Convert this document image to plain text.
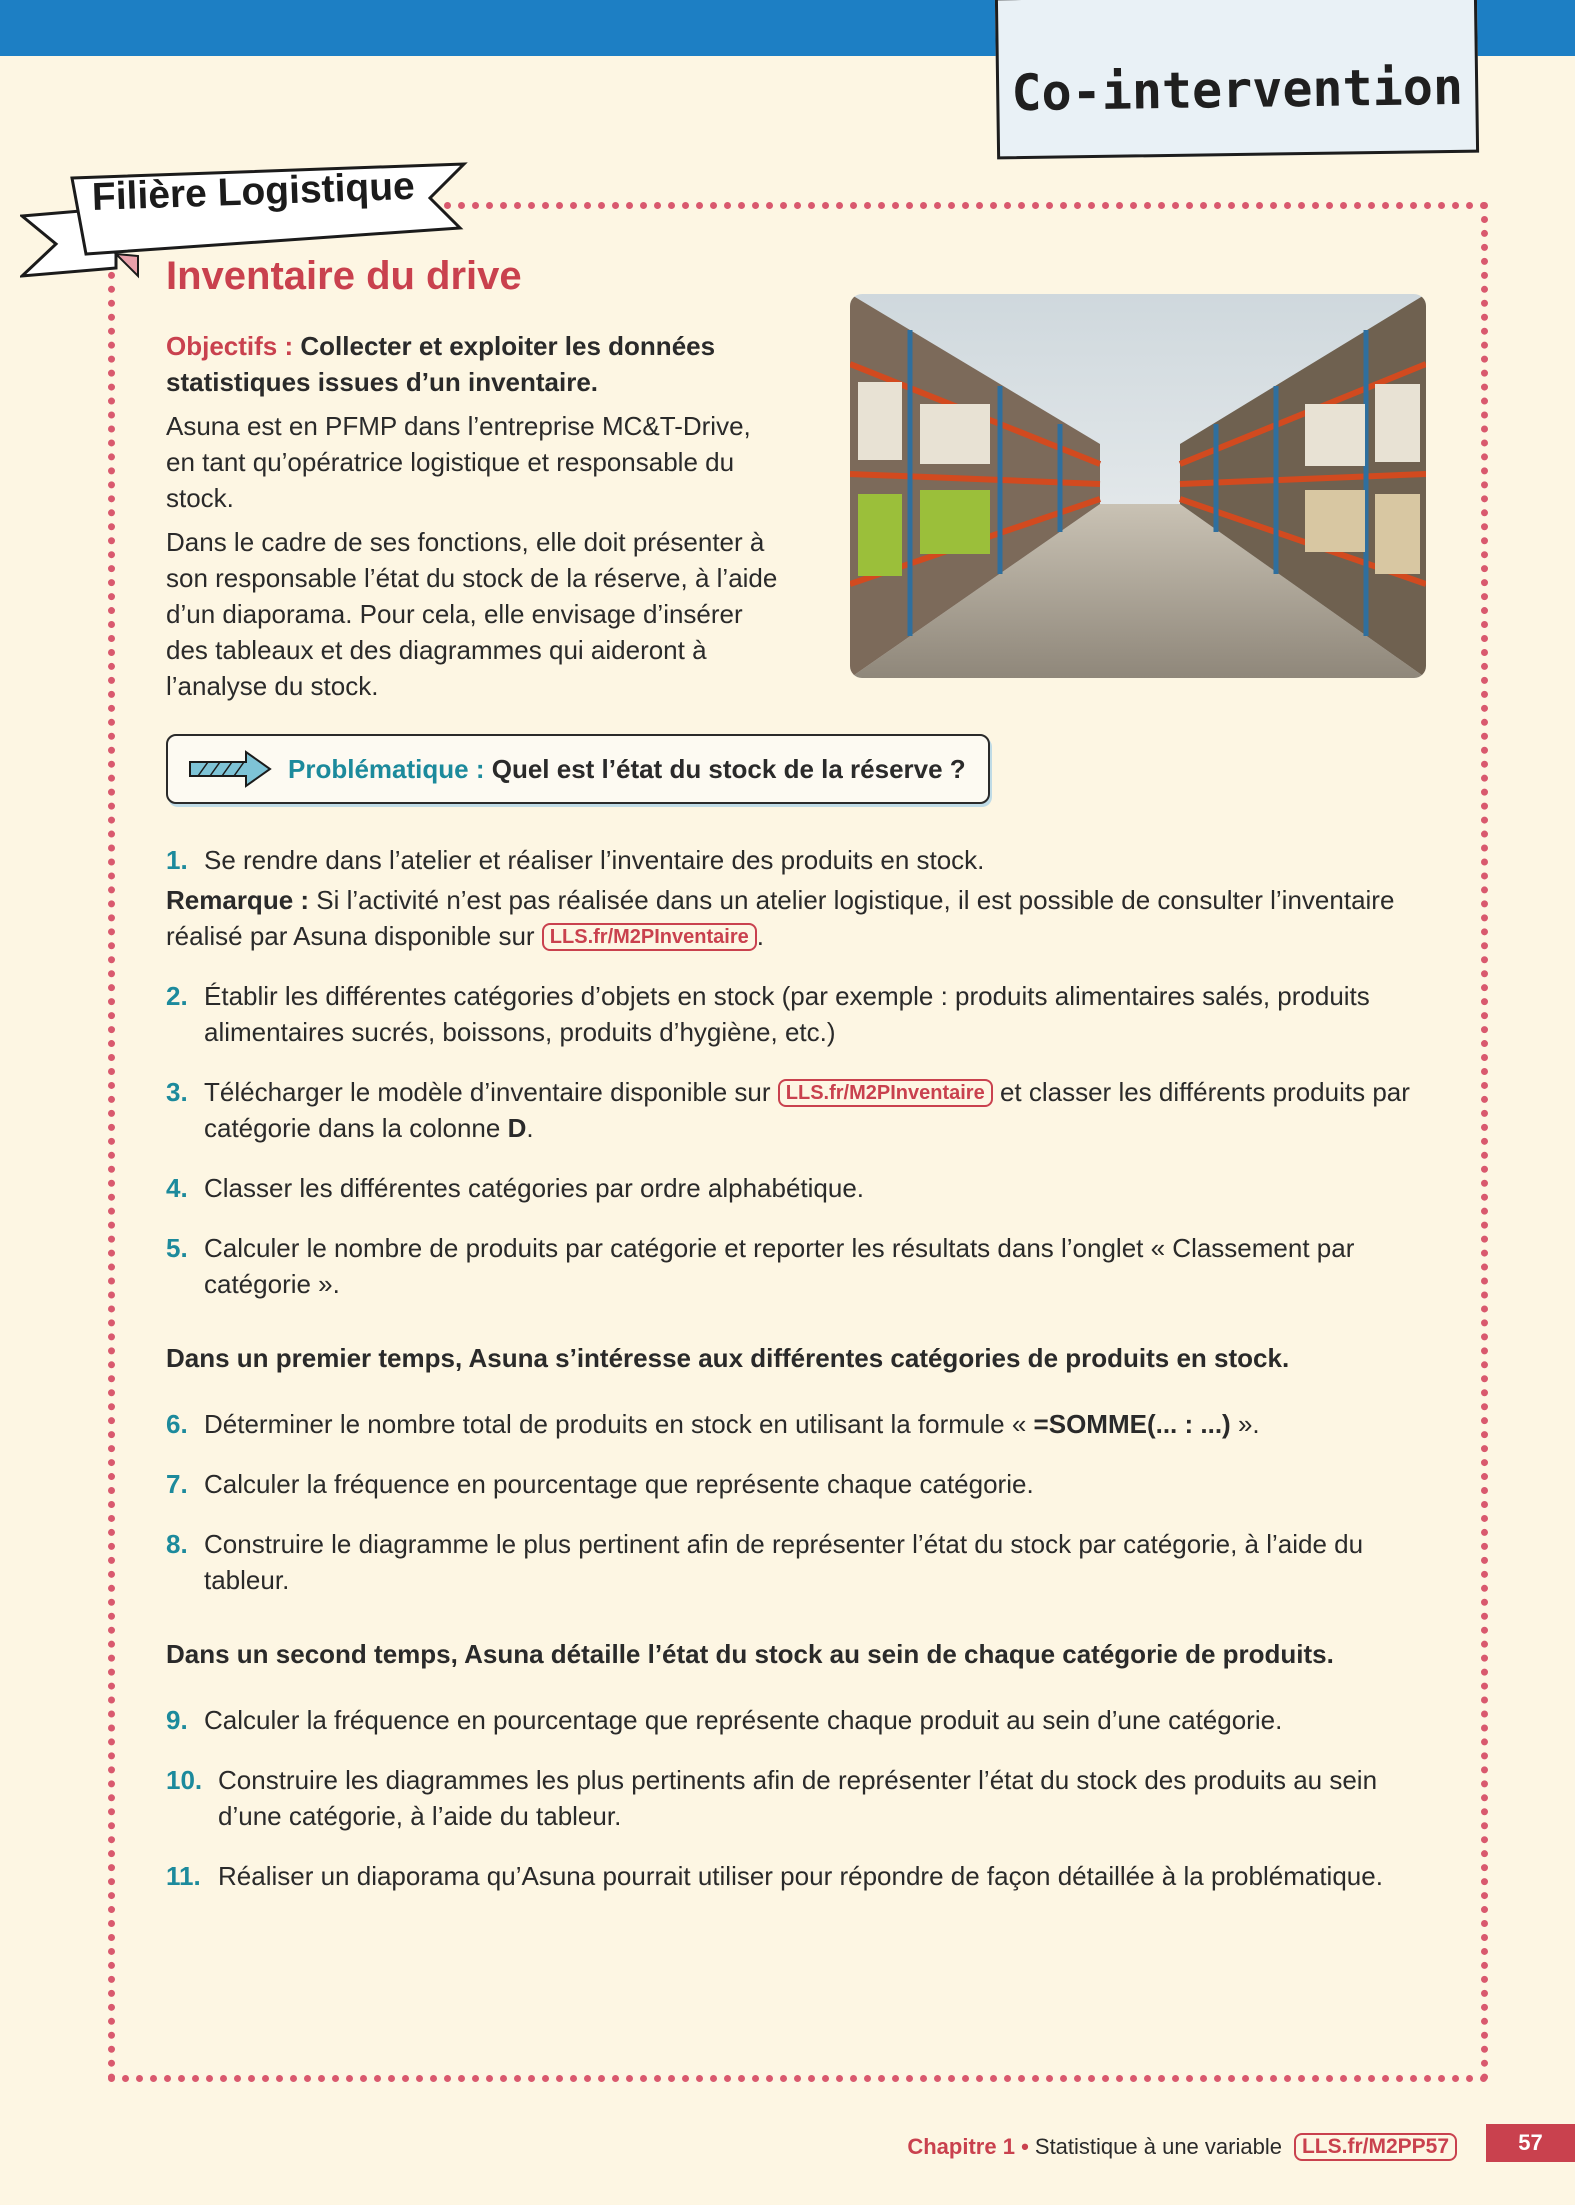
Co-intervention
Filière Logistique
Inventaire du drive

Objectifs : Collecter et exploiter les données statistiques issues d’un inventaire.

Asuna est en PFMP dans l’entreprise MC&T-Drive, en tant qu’opératrice logistique et responsable du stock.

Dans le cadre de ses fonctions, elle doit présenter à son responsable l’état du stock de la réserve, à l’aide d’un diaporama. Pour cela, elle envisage d’insérer des tableaux et des diagrammes qui aideront à l’analyse du stock.

Problématique :
Quel est l’état du stock de la réserve ?
1. Se rendre dans l’atelier et réaliser l’inventaire des produits en stock.
Remarque : Si l’activité n’est pas réalisée dans un atelier logistique, il est possible de consulter l’inventaire réalisé par Asuna disponible sur LLS.fr/M2PInventaire .
2. Établir les différentes catégories d’objets en stock (par exemple : produits alimentaires salés, produits alimentaires sucrés, boissons, produits d’hygiène, etc.)
3. Télécharger le modèle d’inventaire disponible sur LLS.fr/M2PInventaire et classer les différents produits par catégorie dans la colonne D.
4. Classer les différentes catégories par ordre alphabétique.
5. Calculer le nombre de produits par catégorie et reporter les résultats dans l’onglet « Classement par catégorie ».
Dans un premier temps, Asuna s’intéresse aux différentes catégories de produits en stock.
6. Déterminer le nombre total de produits en stock en utilisant la formule « =SOMME(... : ...) ».
7. Calculer la fréquence en pourcentage que représente chaque catégorie.
8. Construire le diagramme le plus pertinent afin de représenter l’état du stock par catégorie, à l’aide du tableur.
Dans un second temps, Asuna détaille l’état du stock au sein de chaque catégorie de produits.
9. Calculer la fréquence en pourcentage que représente chaque produit au sein d’une catégorie.
10. Construire les diagrammes les plus pertinents afin de représenter l’état du stock des produits au sein d’une catégorie, à l’aide du tableur.
11. Réaliser un diaporama qu’Asuna pourrait utiliser pour répondre de façon détaillée à la problématique.
Chapitre 1
•
Statistique à une variable LLS.fr/M2PP57	57
